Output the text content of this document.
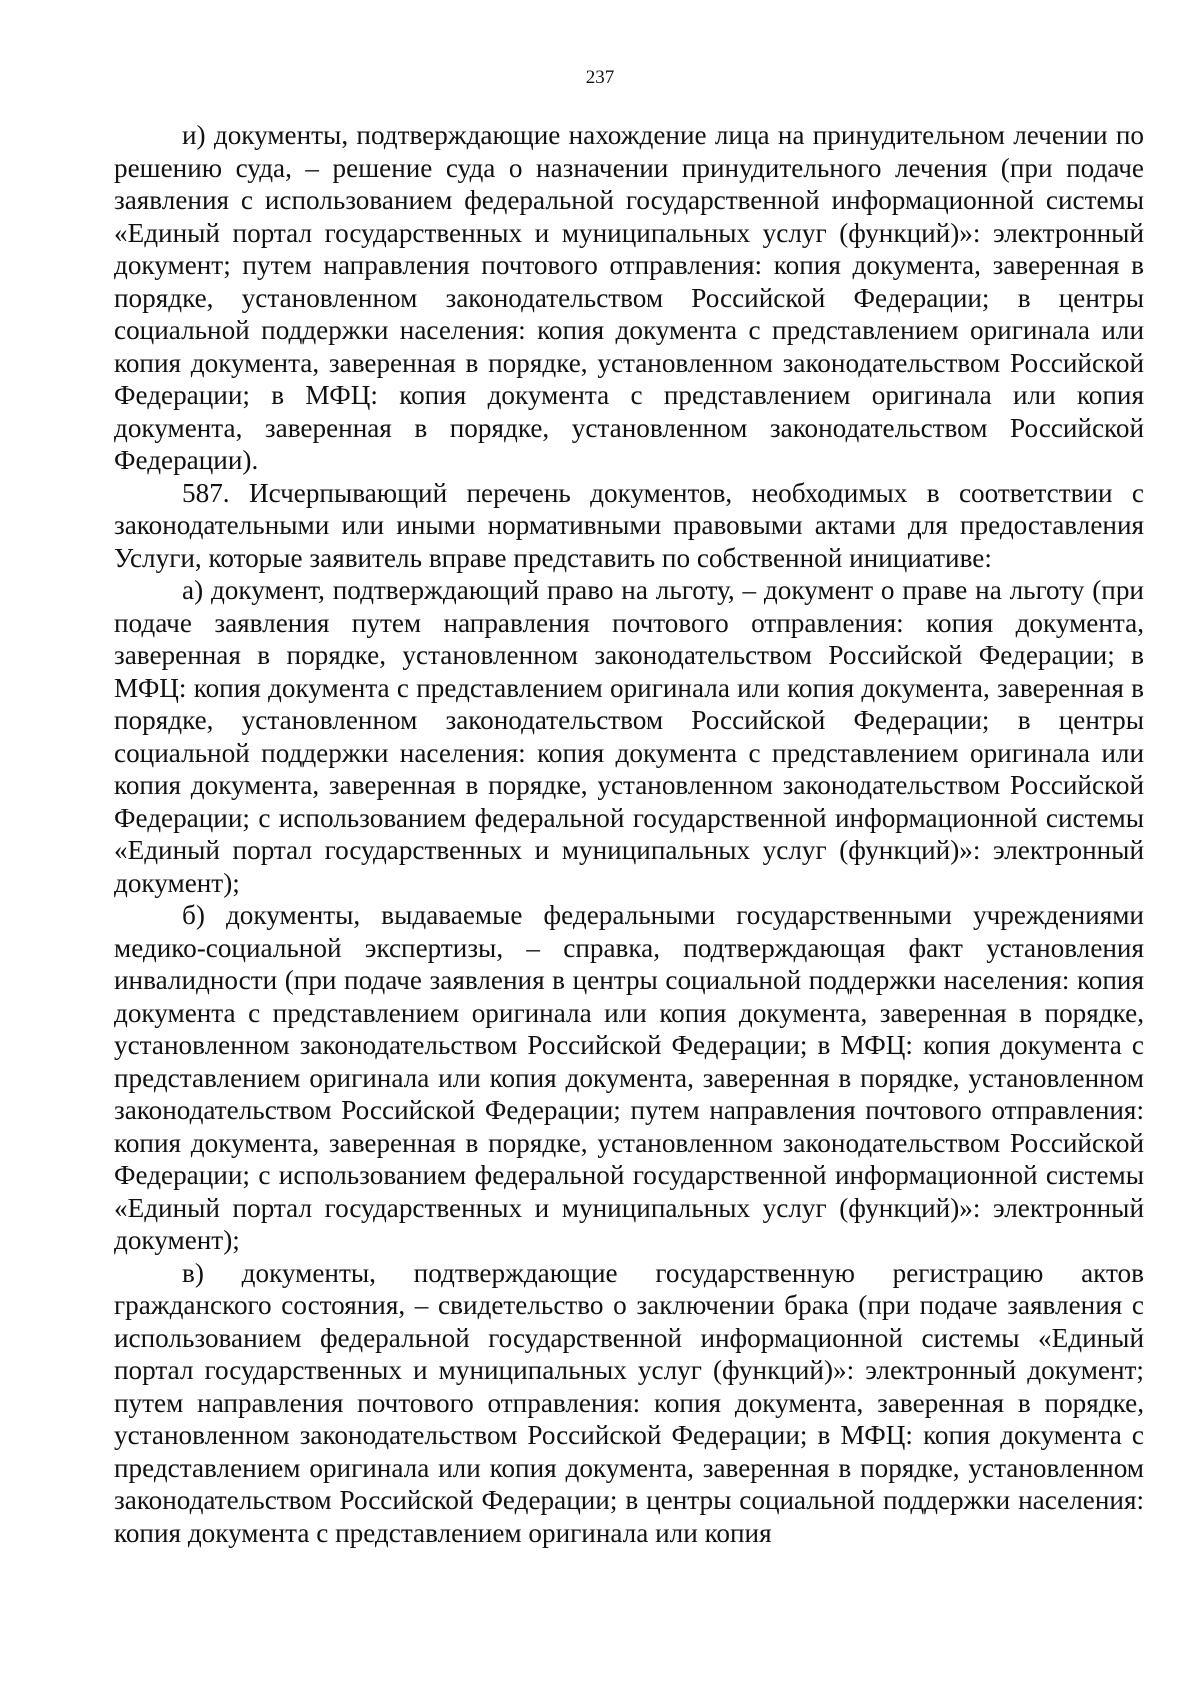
237

и) документы, подтверждающие нахождение лица на принудительном лечении по решению суда, – решение суда о назначении принудительного лечения (при подаче заявления с использованием федеральной государственной информационной системы «Единый портал государственных и муниципальных услуг (функций)»: электронный документ; путем направления почтового отправления: копия документа, заверенная в порядке, установленном законодательством Российской Федерации; в центры социальной поддержки населения: копия документа с представлением оригинала или копия документа, заверенная в порядке, установленном законодательством Российской Федерации; в МФЦ: копия документа с представлением оригинала или копия документа, заверенная в порядке, установленном законодательством Российской Федерации).

587. Исчерпывающий перечень документов, необходимых в соответствии с законодательными или иными нормативными правовыми актами для предоставления Услуги, которые заявитель вправе представить по собственной инициативе:

а) документ, подтверждающий право на льготу, – документ о праве на льготу (при подаче заявления путем направления почтового отправления: копия документа, заверенная в порядке, установленном законодательством Российской Федерации; в МФЦ: копия документа с представлением оригинала или копия документа, заверенная в порядке, установленном законодательством Российской Федерации; в центры социальной поддержки населения: копия документа с представлением оригинала или копия документа, заверенная в порядке, установленном законодательством Российской Федерации; с использованием федеральной государственной информационной системы «Единый портал государственных и муниципальных услуг (функций)»: электронный документ);

б) документы, выдаваемые федеральными государственными учреждениями медико-социальной экспертизы, – справка, подтверждающая факт установления инвалидности (при подаче заявления в центры социальной поддержки населения: копия документа с представлением оригинала или копия документа, заверенная в порядке, установленном законодательством Российской Федерации; в МФЦ: копия документа с представлением оригинала или копия документа, заверенная в порядке, установленном законодательством Российской Федерации; путем направления почтового отправления: копия документа, заверенная в порядке, установленном законодательством Российской Федерации; с использованием федеральной государственной информационной системы «Единый портал государственных и муниципальных услуг (функций)»: электронный документ);

в) документы, подтверждающие государственную регистрацию актов гражданского состояния, – свидетельство о заключении брака (при подаче заявления с использованием федеральной государственной информационной системы «Единый портал государственных и муниципальных услуг (функций)»: электронный документ; путем направления почтового отправления: копия документа, заверенная в порядке, установленном законодательством Российской Федерации; в МФЦ: копия документа с представлением оригинала или копия документа, заверенная в порядке, установленном законодательством Российской Федерации; в центры социальной поддержки населения: копия документа с представлением оригинала или копия
